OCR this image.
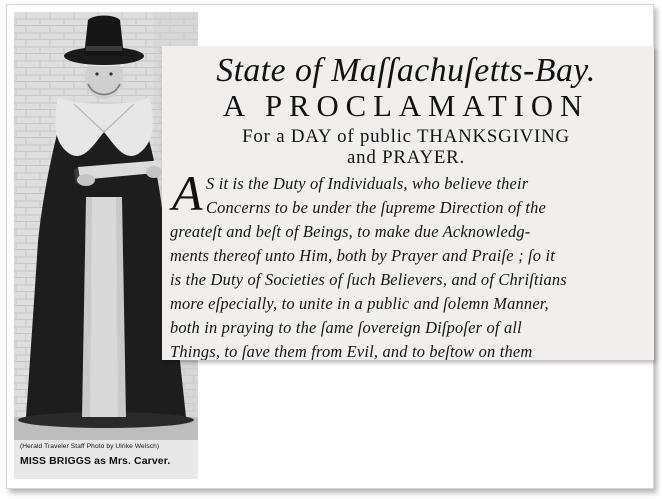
(Herald Traveler Staff Photo by Ulrike Welsch)
MISS BRIGGS as Mrs. Carver.
State of Maſſachuſetts-Bay.
A PROCLAMATION
For a DAY of public THANKSGIVING
and PRAYER.
A S it is the Duty of Individuals, who believe their
Concerns to be under the ſupreme Direction of the
greateſt and beſt of Beings, to make due Acknowledg-
ments thereof unto Him, both by Prayer and Praiſe ; ſo it
is the Duty of Societies of ſuch Believers, and of Chriſtians
more eſpecially, to unite in a public and ſolemn Manner,
both in praying to the ſame ſovereign Diſpoſer of all
Things, to ſave them from Evil, and to beſtow on them
